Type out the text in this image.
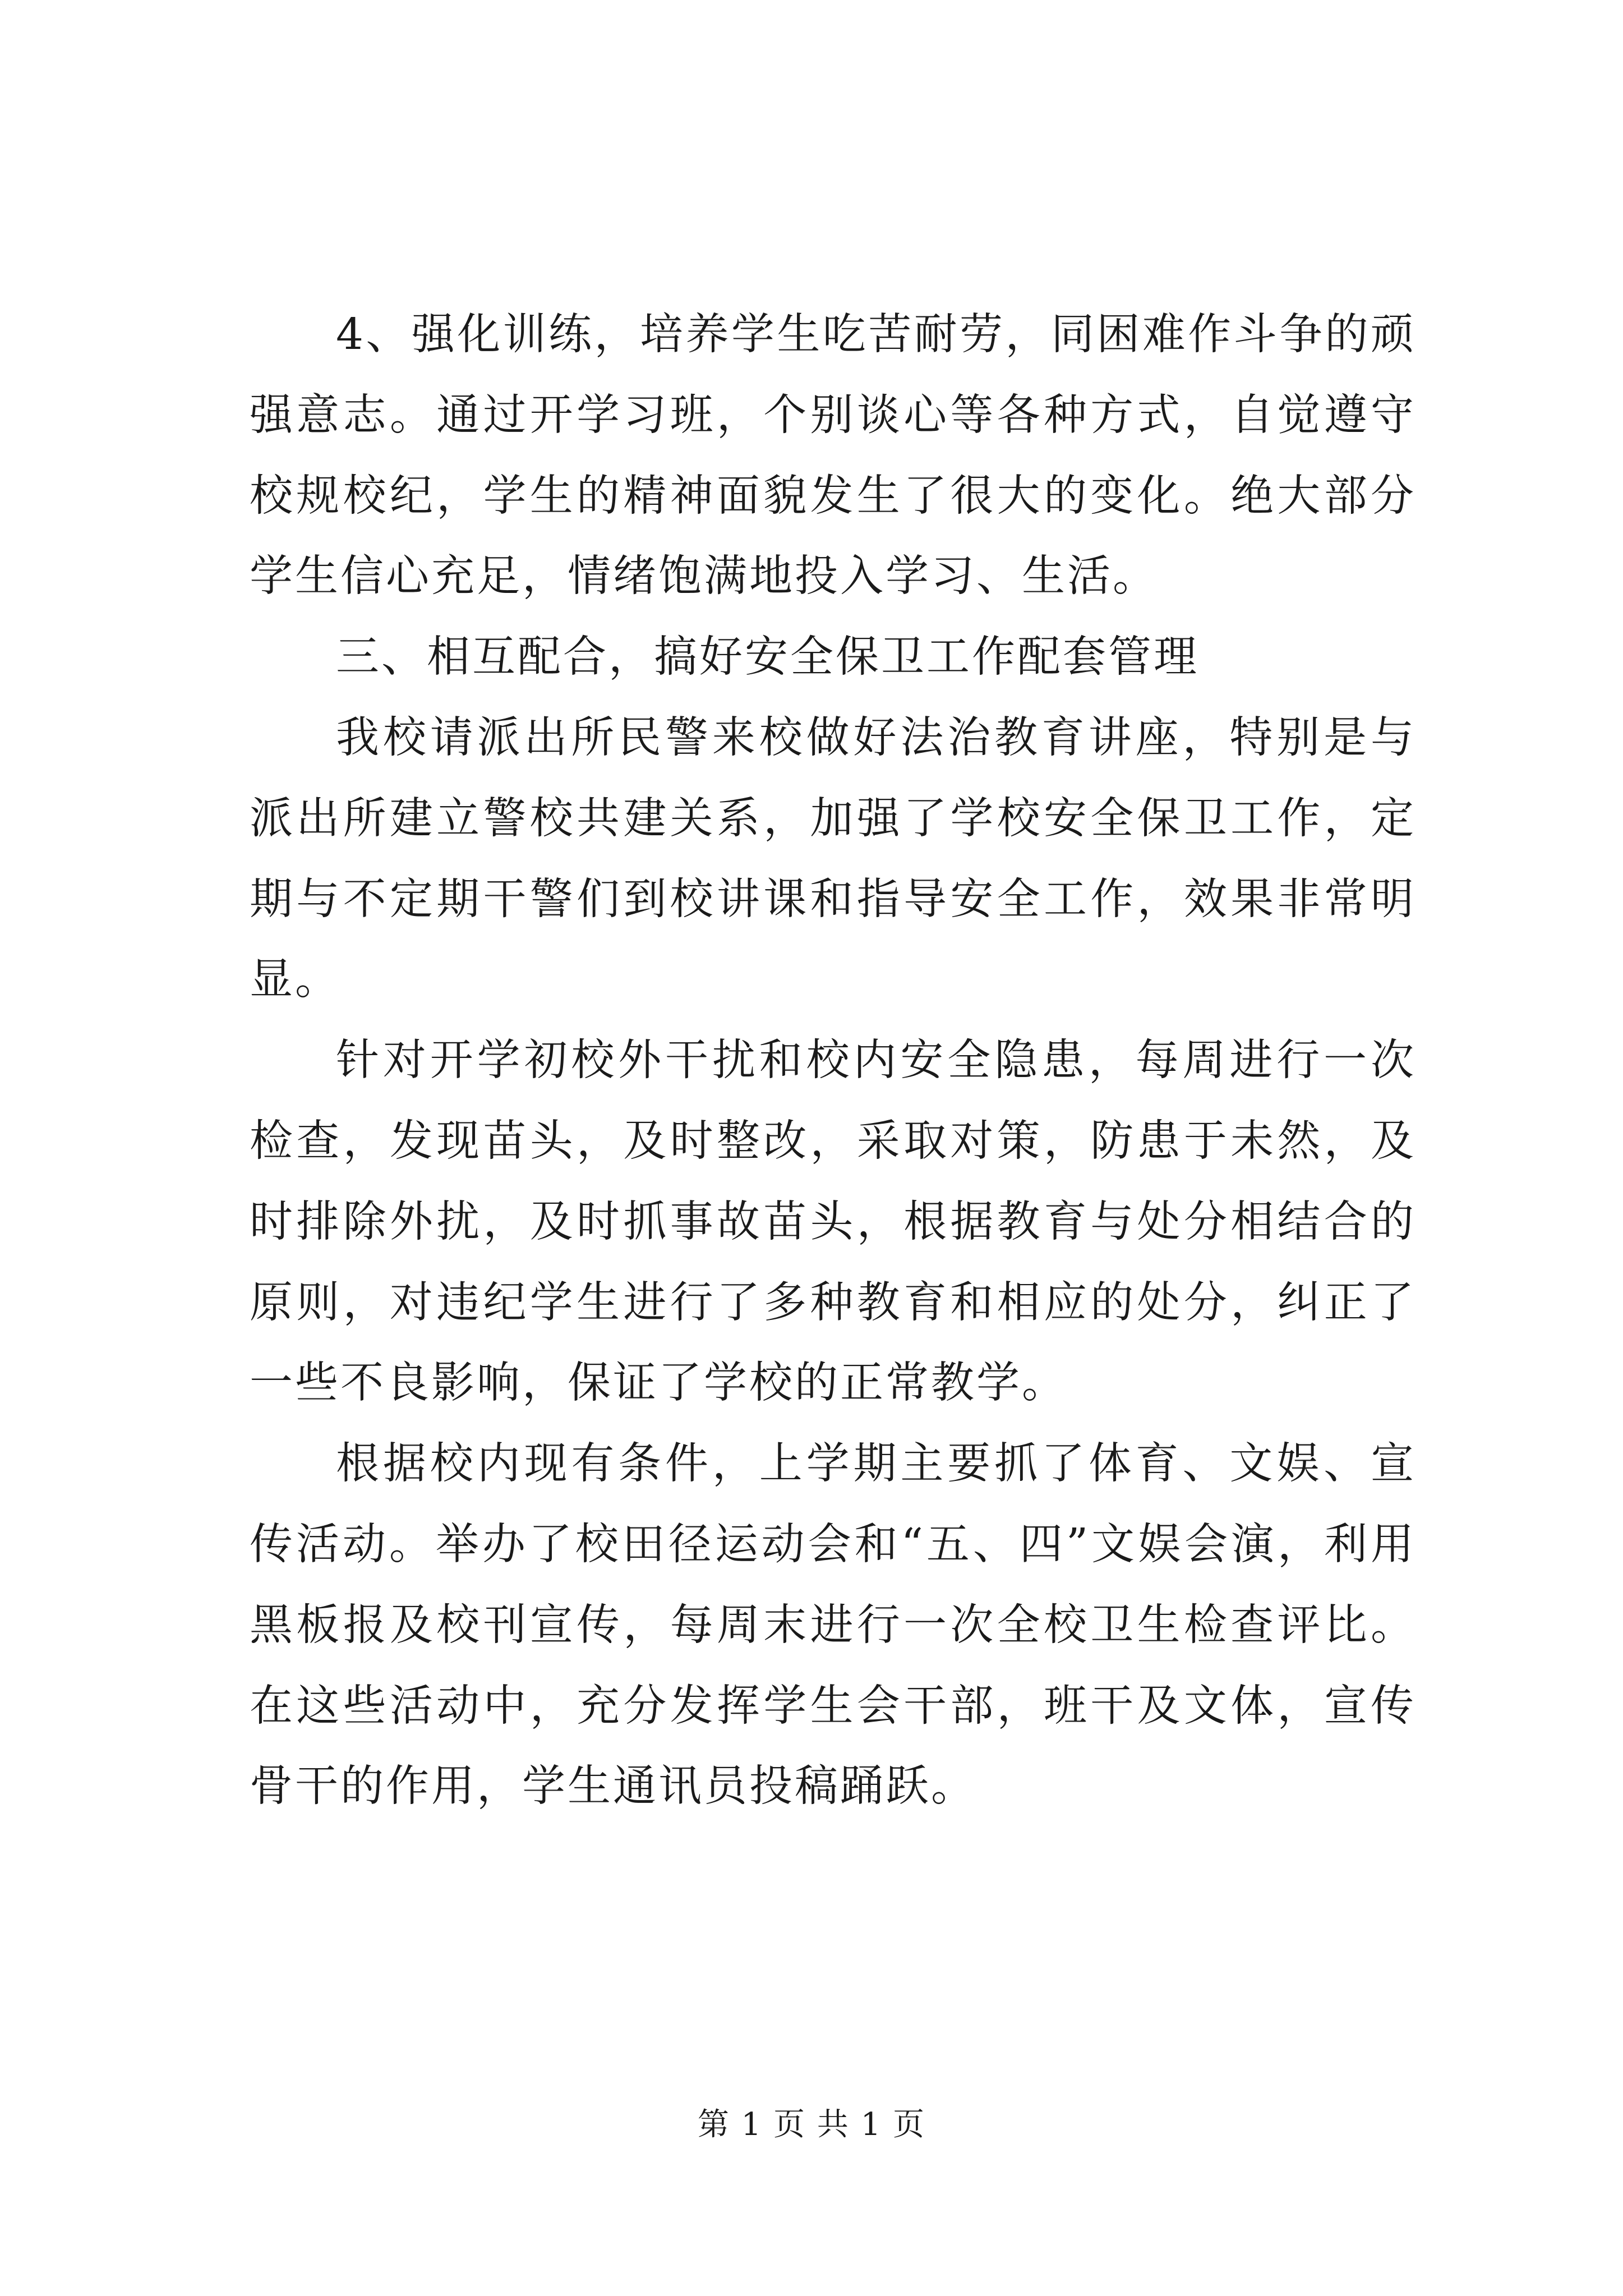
4、强化训练，培养学生吃苦耐劳，同困难作斗争的顽强意志。通过开学习班，个别谈心等各种方式，自觉遵守校规校纪，学生的精神面貌发生了很大的变化。绝大部分学生信心充足，情绪饱满地投入学习、生活。

三、相互配合，搞好安全保卫工作配套管理

我校请派出所民警来校做好法治教育讲座，特别是与派出所建立警校共建关系，加强了学校安全保卫工作，定期与不定期干警们到校讲课和指导安全工作，效果非常明显。

针对开学初校外干扰和校内安全隐患，每周进行一次检查，发现苗头，及时整改，采取对策，防患于未然，及时排除外扰，及时抓事故苗头，根据教育与处分相结合的原则，对违纪学生进行了多种教育和相应的处分，纠正了一些不良影响，保证了学校的正常教学。

根据校内现有条件，上学期主要抓了体育、文娱、宣传活动。举办了校田径运动会和“五、四”文娱会演，利用黑板报及校刊宣传，每周末进行一次全校卫生检查评比。在这些活动中，充分发挥学生会干部，班干及文体，宣传骨干的作用，学生通讯员投稿踊跃。

第 1 页 共 1 页
